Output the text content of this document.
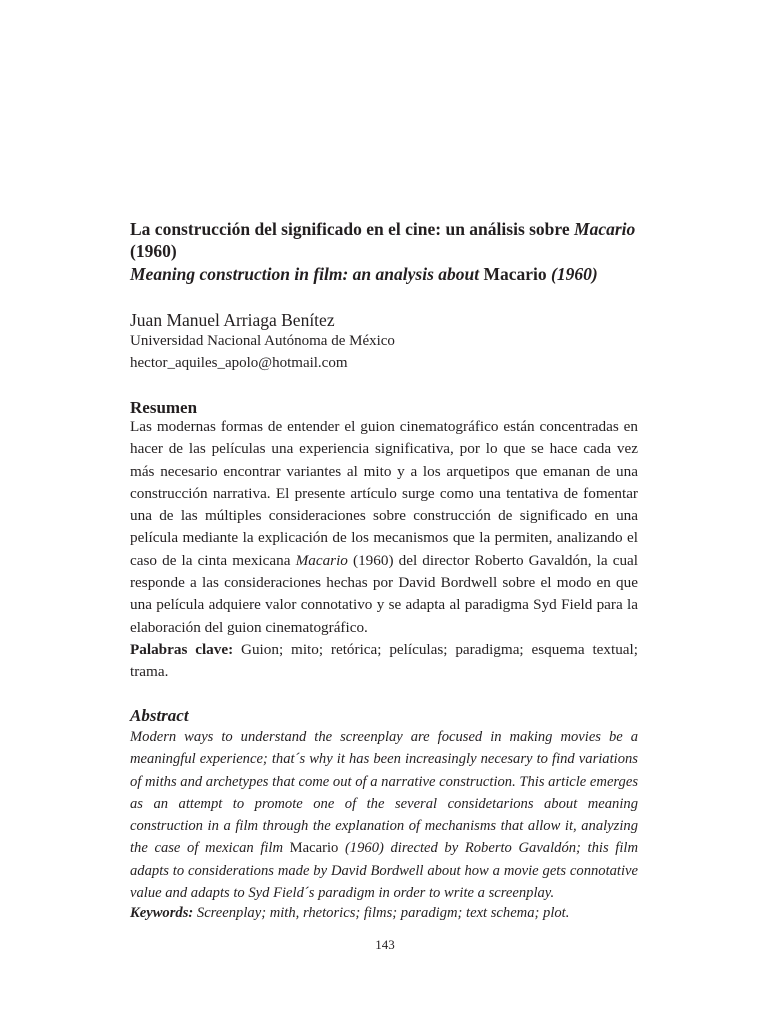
La construcción del significado en el cine: un análisis sobre Macario (1960)
Meaning construction in film: an analysis about Macario (1960)
Juan Manuel Arriaga Benítez
Universidad Nacional Autónoma de México
hector_aquiles_apolo@hotmail.com
Resumen

Las modernas formas de entender el guion cinematográfico están concentradas en hacer de las películas una experiencia significativa, por lo que se hace cada vez más necesario encontrar variantes al mito y a los arquetipos que emanan de una construcción narrativa. El presente artículo surge como una tentativa de fomentar una de las múltiples consideraciones sobre construcción de significado en una película mediante la explicación de los mecanismos que la permiten, analizando el caso de la cinta mexicana Macario (1960) del director Roberto Gavaldón, la cual responde a las consideraciones hechas por David Bordwell sobre el modo en que una película adquiere valor connotativo y se adapta al paradigma Syd Field para la elaboración del guion cinematográfico.

Palabras clave: Guion; mito; retórica; películas; paradigma; esquema textual; trama.
Abstract

Modern ways to understand the screenplay are focused in making movies be a meaningful experience; that´s why it has been increasingly necesary to find variations of miths and archetypes that come out of a narrative construction. This article emerges as an attempt to promote one of the several considetarions about meaning construction in a film through the explanation of mechanisms that allow it, analyzing the case of mexican film Macario (1960) directed by Roberto Gavaldón; this film adapts to considerations made by David Bordwell about how a movie gets connotative value and adapts to Syd Field´s paradigm in order to write a screenplay.

Keywords: Screenplay; mith, rhetorics; films; paradigm; text schema; plot.
143
